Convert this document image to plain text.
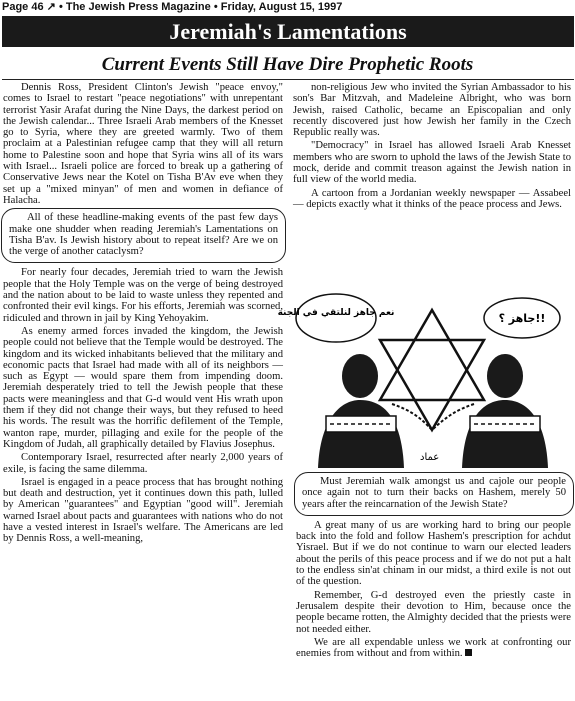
Page 46 ↗ • The Jewish Press Magazine • Friday, August 15, 1997
Jeremiah's Lamentations
Current Events Still Have Dire Prophetic Roots

Dennis Ross, President Clinton's Jewish "peace envoy," comes to Israel to restart "peace negotiations" with unrepentant terrorist Yasir Arafat during the Nine Days, the darkest period on the Jewish calendar... Three Israeli Arab members of the Knesset go to Syria, where they are greeted warmly. Two of them proclaim at a Palestinian refugee camp that they will all return home to Palestine soon and hope that Syria wins all of its wars with Israel... Israeli police are forced to break up a gathering of Conservative Jews near the Kotel on Tisha B'Av eve when they set up a "mixed minyan" of men and women in defiance of Halacha.

All of these headline-making events of the past few days make one shudder when reading Jeremiah's Lamentations on Tisha B'av. Is Jewish history about to repeat itself? Are we on the verge of another cataclysm?

For nearly four decades, Jeremiah tried to warn the Jewish people that the Holy Temple was on the verge of being destroyed and the nation about to be laid to waste unless they repented and confronted their evil kings. For his efforts, Jeremiah was scorned, ridiculed and thrown in jail by King Yehoyakim.

As enemy armed forces invaded the kingdom, the Jewish people could not believe that the Temple would be destroyed. The kingdom and its wicked inhabitants believed that the military and economic pacts that Israel had made with all of its neighbors — such as Egypt — would spare them from impending doom. Jeremiah desperately tried to tell the Jewish people that these pacts were meaningless and that G-d would vent His wrath upon them if they did not change their ways, but they refused to heed his words. The result was the horrific defilement of the Temple, wanton rape, murder, pillaging and exile for the people of the Kingdom of Judah, all graphically detailed by Flavius Josephus.

Contemporary Israel, resurrected after nearly 2,000 years of exile, is facing the same dilemma.

Israel is engaged in a peace process that has brought nothing but death and destruction, yet it continues down this path, lulled by American "guarantees" and Egyptian "good will". Jeremiah warned Israel about pacts and guarantees with nations who do not have a vested interest in Israel's welfare. The Americans are led by Dennis Ross, a well-meaning,

non-religious Jew who invited the Syrian Ambassador to his son's Bar Mitzvah, and Madeleine Albright, who was born Jewish, raised Catholic, became an Episcopalian and only recently discovered just how Jewish her family in the Czech Republic really was.

"Democracy" in Israel has allowed Israeli Arab Knesset members who are sworn to uphold the laws of the Jewish State to mock, deride and commit treason against the Jewish nation in full view of the world media.

A cartoon from a Jordanian weekly newspaper — Assabeel — depicts exactly what it thinks of the peace process and Jews.

نعم جاهز لنلتقي في الجنة	جاهز ؟!!
عماد

Must Jeremiah walk amongst us and cajole our people once again not to turn their backs on Hashem, merely 50 years after the reincarnation of the Jewish State?

A great many of us are working hard to bring our people back into the fold and follow Hashem's prescription for achdut Yisrael. But if we do not continue to warn our elected leaders about the perils of this peace process and if we do not put a halt to the endless sin'at chinam in our midst, a third exile is not out of the question.

Remember, G-d destroyed even the priestly caste in Jerusalem despite their devotion to Him, because once the people became rotten, the Almighty decided that the priests were not needed either.

We are all expendable unless we work at confronting our enemies from without and from within.
